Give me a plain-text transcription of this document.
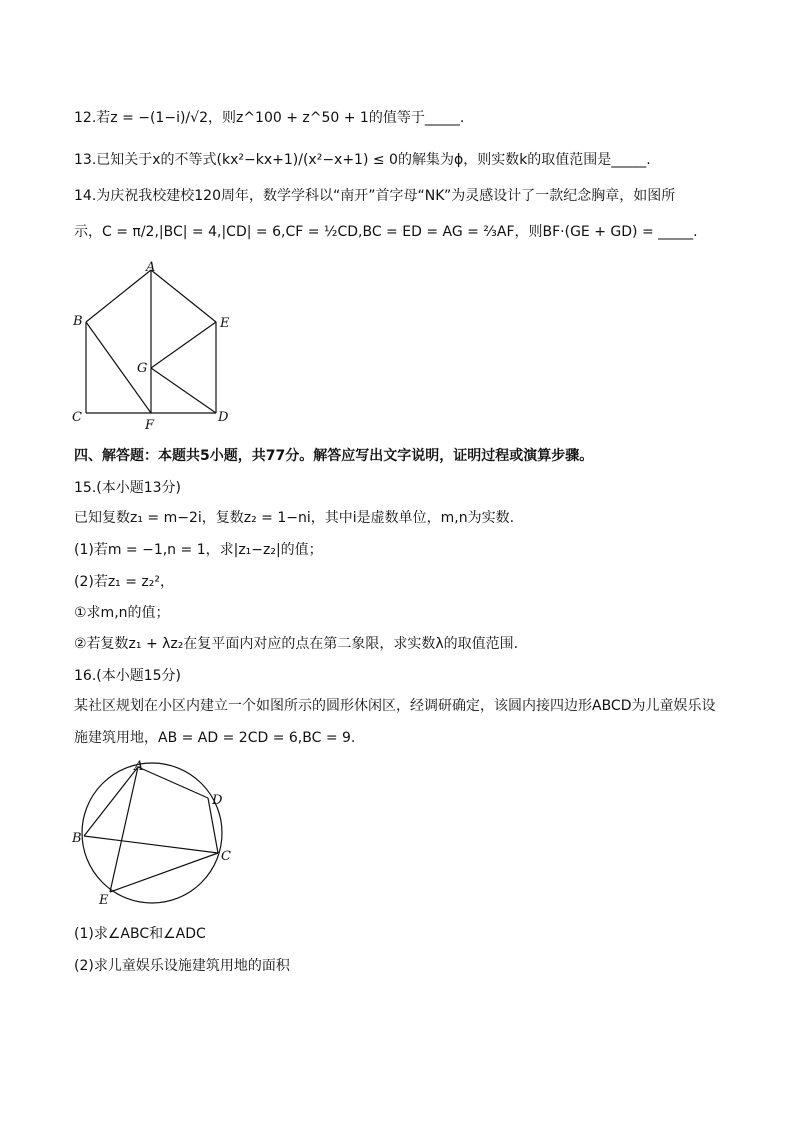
12.若z = −(1−i)/√2，则z^100 + z^50 + 1的值等于_____.
13.已知关于x的不等式(kx²−kx+1)/(x²−x+1) ≤ 0的解集为ϕ，则实数k的取值范围是_____.
14.为庆祝我校建校120周年，数学学科以“南开”首字母“NK”为灵感设计了一款纪念胸章，如图所
示，C = π/2,|BC| = 4,|CD| = 6,CF = ½CD,BC = ED = AG = ⅔AF，则BF·(GE + GD) = _____.
A
B	E
G
C
F
D
四、解答题：本题共5小题，共77分。解答应写出文字说明，证明过程或演算步骤。
15.(本小题13分)
已知复数z₁ = m−2i，复数z₂ = 1−ni，其中i是虚数单位，m,n为实数.
(1)若m = −1,n = 1，求|z₁−z₂|的值；
(2)若z₁ = z₂²，
①求m,n的值；
②若复数z₁ + λz₂在复平面内对应的点在第二象限，求实数λ的取值范围.
16.(本小题15分)
某社区规划在小区内建立一个如图所示的圆形休闲区，经调研确定，该圆内接四边形ABCD为儿童娱乐设
施建筑用地，AB = AD = 2CD = 6,BC = 9.
A
D
B
C
E
(1)求∠ABC和∠ADC
(2)求儿童娱乐设施建筑用地的面积
